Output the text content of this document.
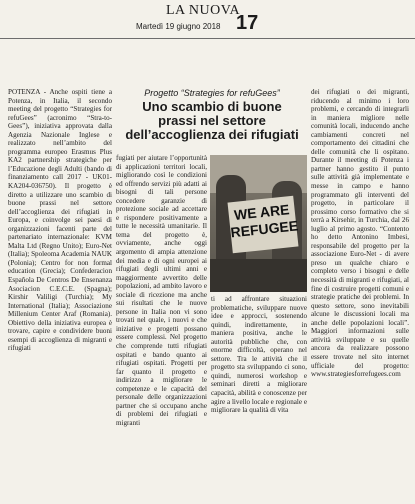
LA NUOVA
Martedì 19 giugno 2018 17
POTENZA - Anche ospiti tiene a Potenza, in Italia, il secondo meeting del progetto “Strategies for refuGees” (acronimo “Stra-to-Gees”), iniziativa approvata dalla Agenzia Nazionale Inglese e realizzato nell’ambito del programma europeo Erasmus Plus KA2 partnership strategiche per l’Educazione degli Adulti (bando di finanziamento call 2017 - UK01-KA204-036750). Il progetto è diretto a utilizzare uno scambio di buone prassi nel settore dell’accoglienza dei rifugiati in Europa, e coinvolge sei paesi di organizzazioni facenti parte del partenariato internazionale: KVM Malta Ltd (Regno Unito); Euro-Net (Italia); Spoleoma Academia NAUK (Polonia); Centro for non formal education (Grecia); Confederacion Española De Centros De Ensenanza Asociacion C.E.C.E. (Spagna); Kirshir Valiligi (Turchia); My International (Italia); Associazione Millenium Center Araf (Romania). Obiettivo della iniziativa europea è trovare, capire e condividere buoni esempi di accoglienza di migranti e rifugiati
Progetto “Strategies for refuGees”
Uno scambio di buone
prassi nel settore
dell’accoglienza dei rifugiati
fugiati per aiutare l’opportunità di applicazioni territori locali, migliorando così le condizioni ed offrendo servizi più adatti ai bisogni di tali persone concedere garanzie di protezione sociale ad accettare e rispondere positivamente a tutte le necessità umanitarie. Il tema del progetto è, ovviamente, anche oggi argomento di ampia attenzione dei media e di ogni europei ai rifugiati degli ultimi anni e maggiormente avvertito delle popolazioni, ad ambito lavoro e sociale di ricezione ma anche sui risultati che le nuove persone in Italia non vi sono trovati nel quale, i nuovi e che iniziative e progetti possano essere complessi. Nel progetto che comprende tutti rifugiati ospitati e bando quanto ai rifugiati ospitati. Progetti per far quanto il progetto e indirizzo a migliorare le competenze e le capacità del personale delle organizzazioni partner che si occupano anche di problemi dei rifugiati e migranti
WE ARE REFUGEE
ti ad affrontare situazioni problematiche, sviluppare nuove idee e approcci, sostenendo quindi, indirettamente, in maniera positiva, anche le autorità pubbliche che, con enorme difficoltà, operano nel settore. Tra le attività che il progetto sta sviluppando ci sono, quindi, numerosi workshop e seminari diretti a migliorare capacità, abilità e conoscenze per agire a livello locale e regionale e migliorare la qualità di vita
dei rifugiati o dei migranti, riducendo al minimo i loro problemi, e cercando di integrarli in maniera migliore nelle comunità locali, inducendo anche cambiamenti concreti nel comportamento dei cittadini che delle comunità che li ospitano. Durante il meeting di Potenza i partner hanno gestito il punto sulle attività già implementate e messe in campo e hanno programmato gli interventi del progetto, in particolare il prossimo corso formativo che si terrà a Kirsehir, in Turchia, dal 26 luglio al primo agosto. “Contento ho detto Antonino Imbesi, responsabile del progetto per la associazione Euro-Net - di avere preso un qualche chiaro e completo verso i bisogni e delle necessità di migranti e rifugiati, al fine di costruire progetti comuni e strategie pratiche dei problemi. In questo settore, sono inevitabili alcune le discussioni locali ma anche delle popolazioni locali”. Maggiori informazioni sulle attività sviluppate e su quelle ancora da realizzare possono essere trovate nel sito internet ufficiale del progetto: www.strategiesforrefugees.com
